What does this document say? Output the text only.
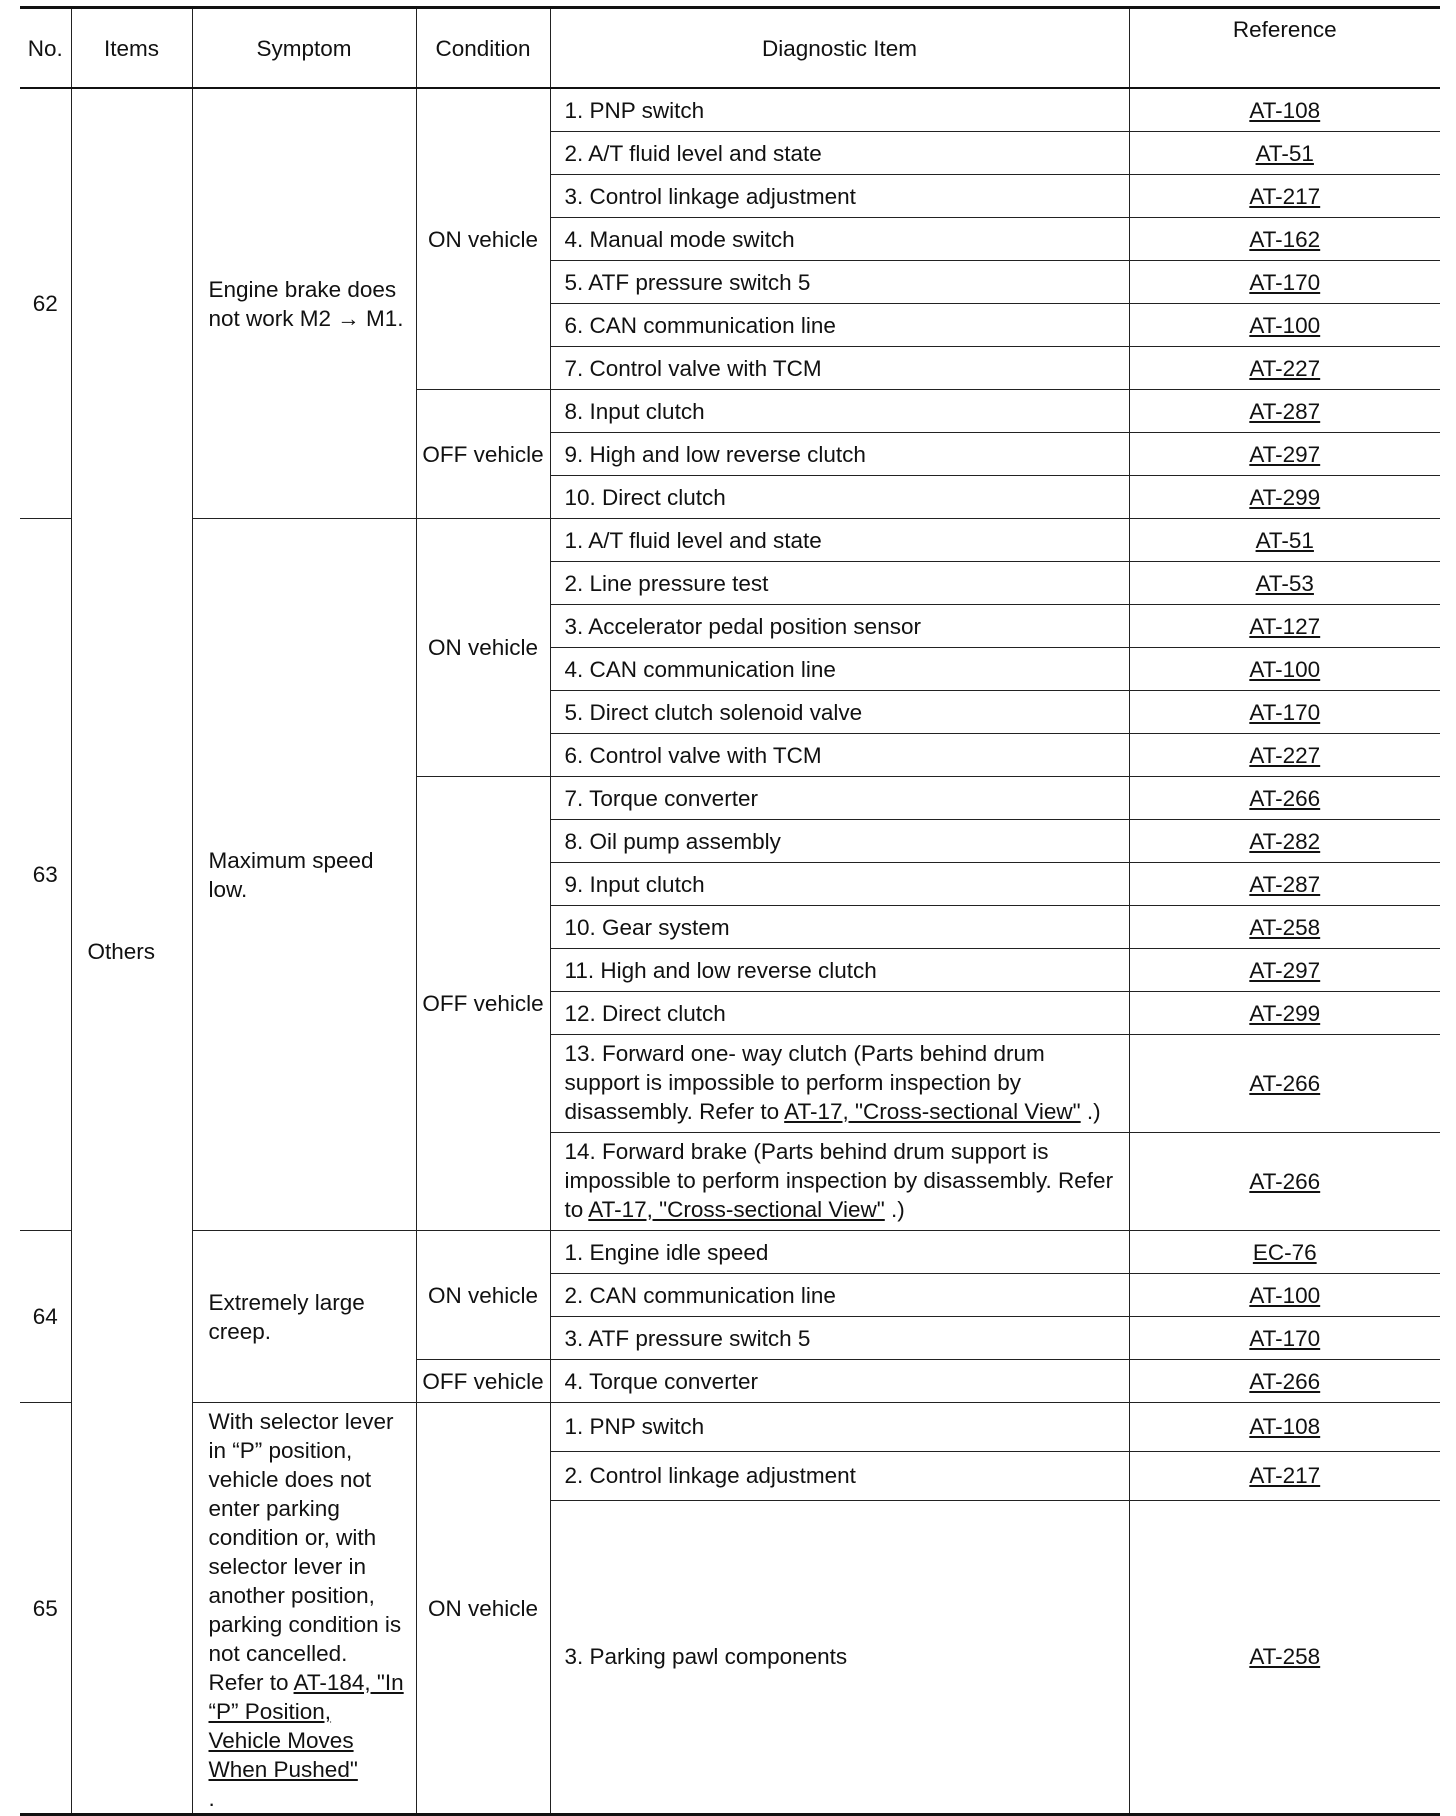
No.	Items	Symptom	Condition	Diagnostic Item	Reference
62	Others	Engine brake does not work M2 → M1.	ON vehicle	1. PNP switch	AT-108
				2. A/T fluid level and state	AT-51
				3. Control linkage adjustment	AT-217
				4. Manual mode switch	AT-162
				5. ATF pressure switch 5	AT-170
				6. CAN communication line	AT-100
				7. Control valve with TCM	AT-227
			OFF vehicle	8. Input clutch	AT-287
				9. High and low reverse clutch	AT-297
				10. Direct clutch	AT-299
63		Maximum speed low.	ON vehicle	1. A/T fluid level and state	AT-51
				2. Line pressure test	AT-53
				3. Accelerator pedal position sensor	AT-127
				4. CAN communication line	AT-100
				5. Direct clutch solenoid valve	AT-170
				6. Control valve with TCM	AT-227
			OFF vehicle	7. Torque converter	AT-266
				8. Oil pump assembly	AT-282
				9. Input clutch	AT-287
				10. Gear system	AT-258
				11. High and low reverse clutch	AT-297
				12. Direct clutch	AT-299
				13. Forward one- way clutch (Parts behind drum support is impossible to perform inspection by disassembly. Refer to AT-17, "Cross-sectional View" .)	AT-266
				14. Forward brake (Parts behind drum support is impossible to perform inspection by disassembly. Refer to AT-17, "Cross-sectional View" .)	AT-266
64		Extremely large creep.	ON vehicle	1. Engine idle speed	EC-76
				2. CAN communication line	AT-100
				3. ATF pressure switch 5	AT-170
			OFF vehicle	4. Torque converter	AT-266
65		With selector lever in “P” position, vehicle does not enter parking condition or, with selector lever in another position, parking condition is not cancelled.
Refer to AT-184, "In “P” Position, Vehicle Moves When Pushed"
.	ON vehicle	1. PNP switch	AT-108
				2. Control linkage adjustment	AT-217
				3. Parking pawl components	AT-258
